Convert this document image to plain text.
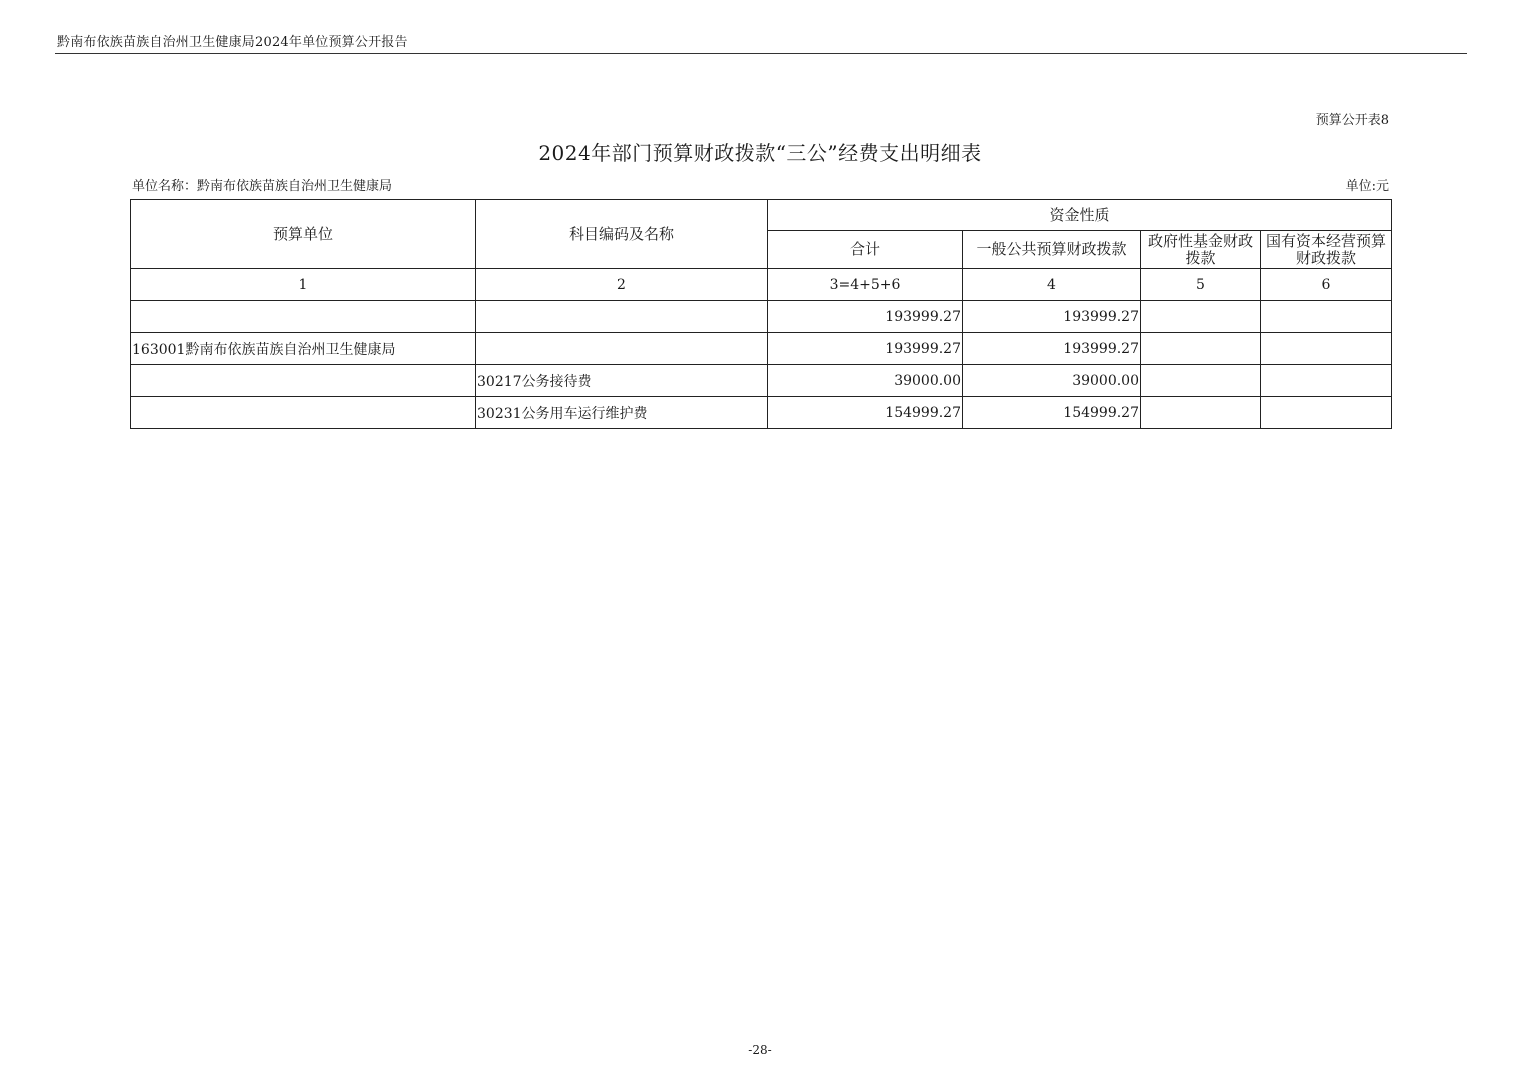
黔南布依族苗族自治州卫生健康局2024年单位预算公开报告
预算公开表8
2024年部门预算财政拨款“三公”经费支出明细表
单位名称：黔南布依族苗族自治州卫生健康局	单位:元
预算单位	科目编码及名称	资金性质			
		合计	一般公共预算财政拨款	政府性基金财政拨款	国有资本经营预算财政拨款
1	2	3=4+5+6	4	5	6
		193999.27	193999.27		
163001黔南布依族苗族自治州卫生健康局		193999.27	193999.27		
	30217公务接待费	39000.00	39000.00		
	30231公务用车运行维护费	154999.27	154999.27		
-28-
